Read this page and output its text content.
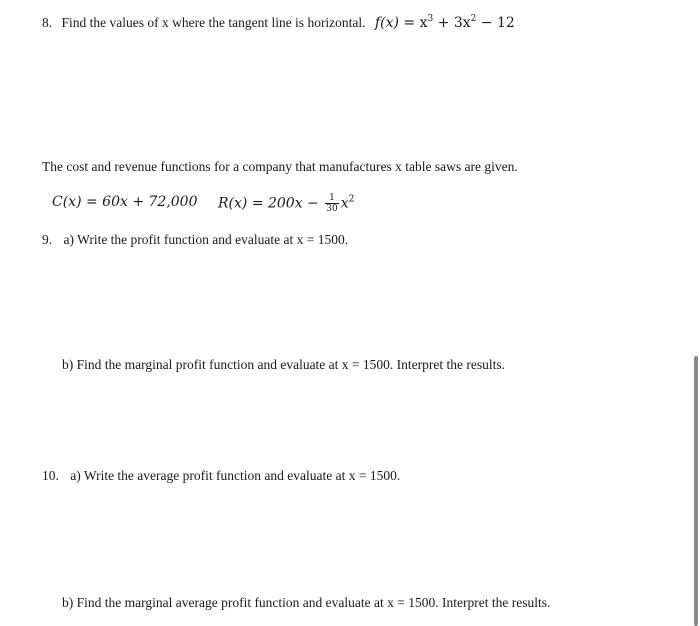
8. Find the values of x where the tangent line is horizontal. $f(x) = x^3 + 3x^2 - 12$
The cost and revenue functions for a company that manufactures x table saws are given.
C(x) = 60x + 72,000 $R(x) = 200x - \frac{1}{30} x^2$
9. a) Write the profit function and evaluate at x = 1500.
b) Find the marginal profit function and evaluate at x = 1500. Interpret the results.
10. a) Write the average profit function and evaluate at x = 1500.
b) Find the marginal average profit function and evaluate at x = 1500. Interpret the results.
